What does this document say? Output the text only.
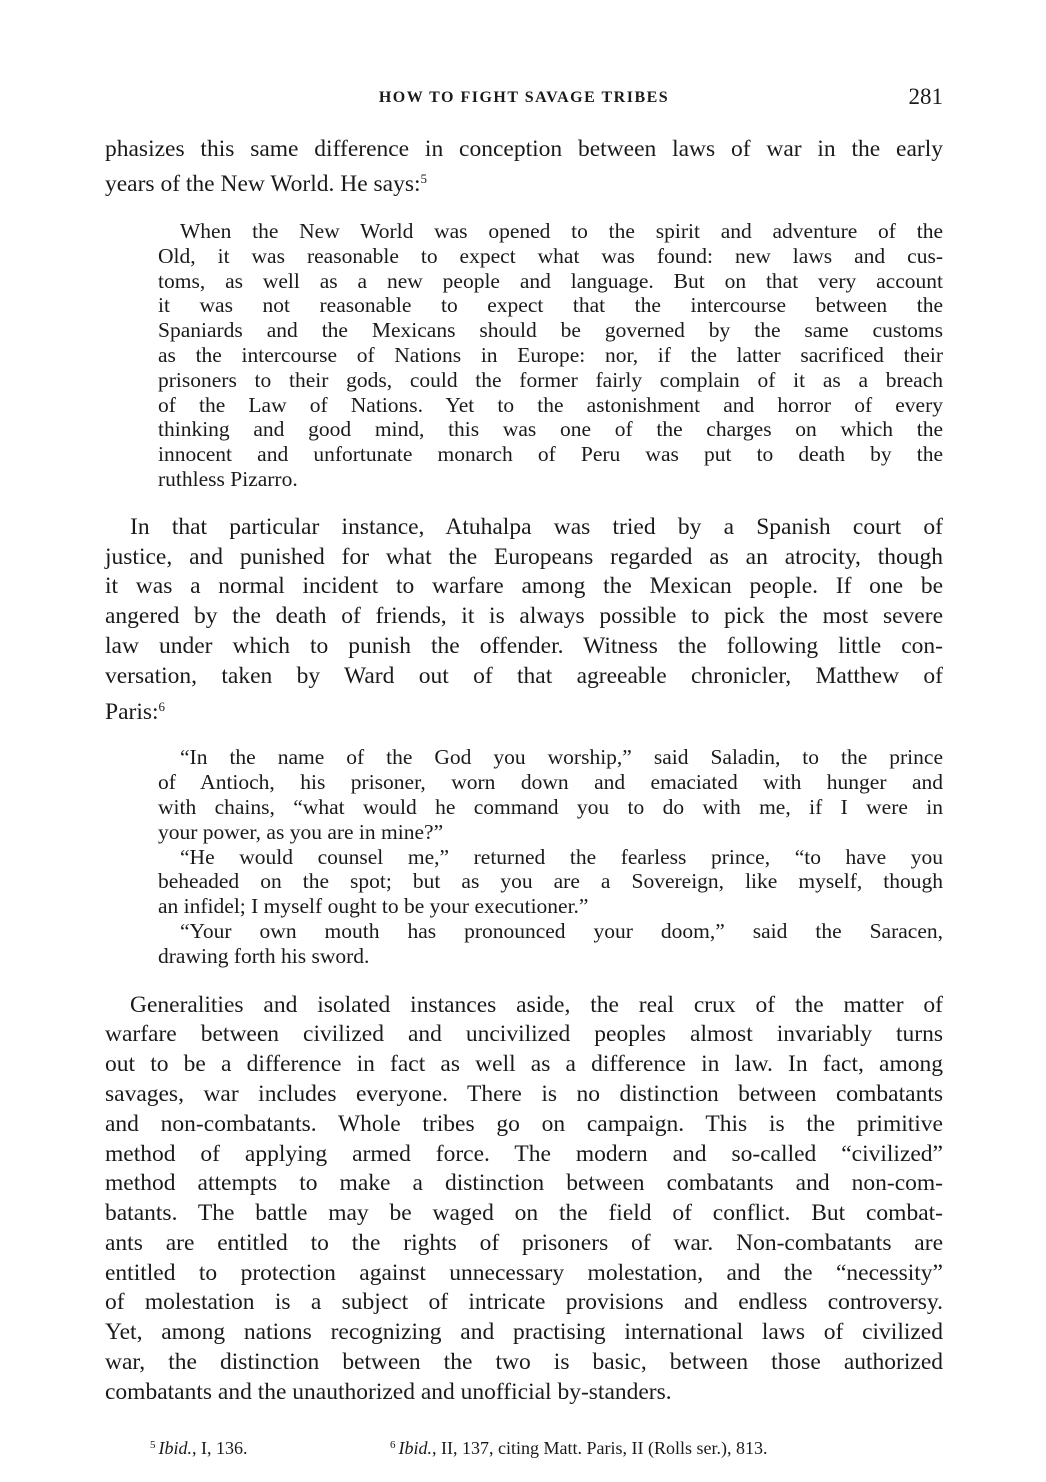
HOW TO FIGHT SAVAGE TRIBES	281
phasizes this same difference in conception between laws of war in the early
years of the New World. He says:$^5$
When the New World was opened to the spirit and adventure of the
Old, it was reasonable to expect what was found: new laws and cus-
toms, as well as a new people and language. But on that very account
it was not reasonable to expect that the intercourse between the
Spaniards and the Mexicans should be governed by the same customs
as the intercourse of Nations in Europe: nor, if the latter sacrificed their
prisoners to their gods, could the former fairly complain of it as a breach
of the Law of Nations. Yet to the astonishment and horror of every
thinking and good mind, this was one of the charges on which the
innocent and unfortunate monarch of Peru was put to death by the
ruthless Pizarro.
In that particular instance, Atuhalpa was tried by a Spanish court of
justice, and punished for what the Europeans regarded as an atrocity, though
it was a normal incident to warfare among the Mexican people. If one be
angered by the death of friends, it is always possible to pick the most severe
law under which to punish the offender. Witness the following little con-
versation, taken by Ward out of that agreeable chronicler, Matthew of
Paris:$^6$
“In the name of the God you worship,” said Saladin, to the prince
of Antioch, his prisoner, worn down and emaciated with hunger and
with chains, “what would he command you to do with me, if I were in
your power, as you are in mine?”
“He would counsel me,” returned the fearless prince, “to have you
beheaded on the spot; but as you are a Sovereign, like myself, though
an infidel; I myself ought to be your executioner.”
“Your own mouth has pronounced your doom,” said the Saracen,
drawing forth his sword.
Generalities and isolated instances aside, the real crux of the matter of
warfare between civilized and uncivilized peoples almost invariably turns
out to be a difference in fact as well as a difference in law. In fact, among
savages, war includes everyone. There is no distinction between combatants
and non-combatants. Whole tribes go on campaign. This is the primitive
method of applying armed force. The modern and so-called “civilized”
method attempts to make a distinction between combatants and non-com-
batants. The battle may be waged on the field of conflict. But combat-
ants are entitled to the rights of prisoners of war. Non-combatants are
entitled to protection against unnecessary molestation, and the “necessity”
of molestation is a subject of intricate provisions and endless controversy.
Yet, among nations recognizing and practising international laws of civilized
war, the distinction between the two is basic, between those authorized
combatants and the unauthorized and unofficial by-standers.
$^5$ Ibid., I, 136.	$^6$ Ibid., II, 137, citing Matt. Paris, II (Rolls ser.), 813.
